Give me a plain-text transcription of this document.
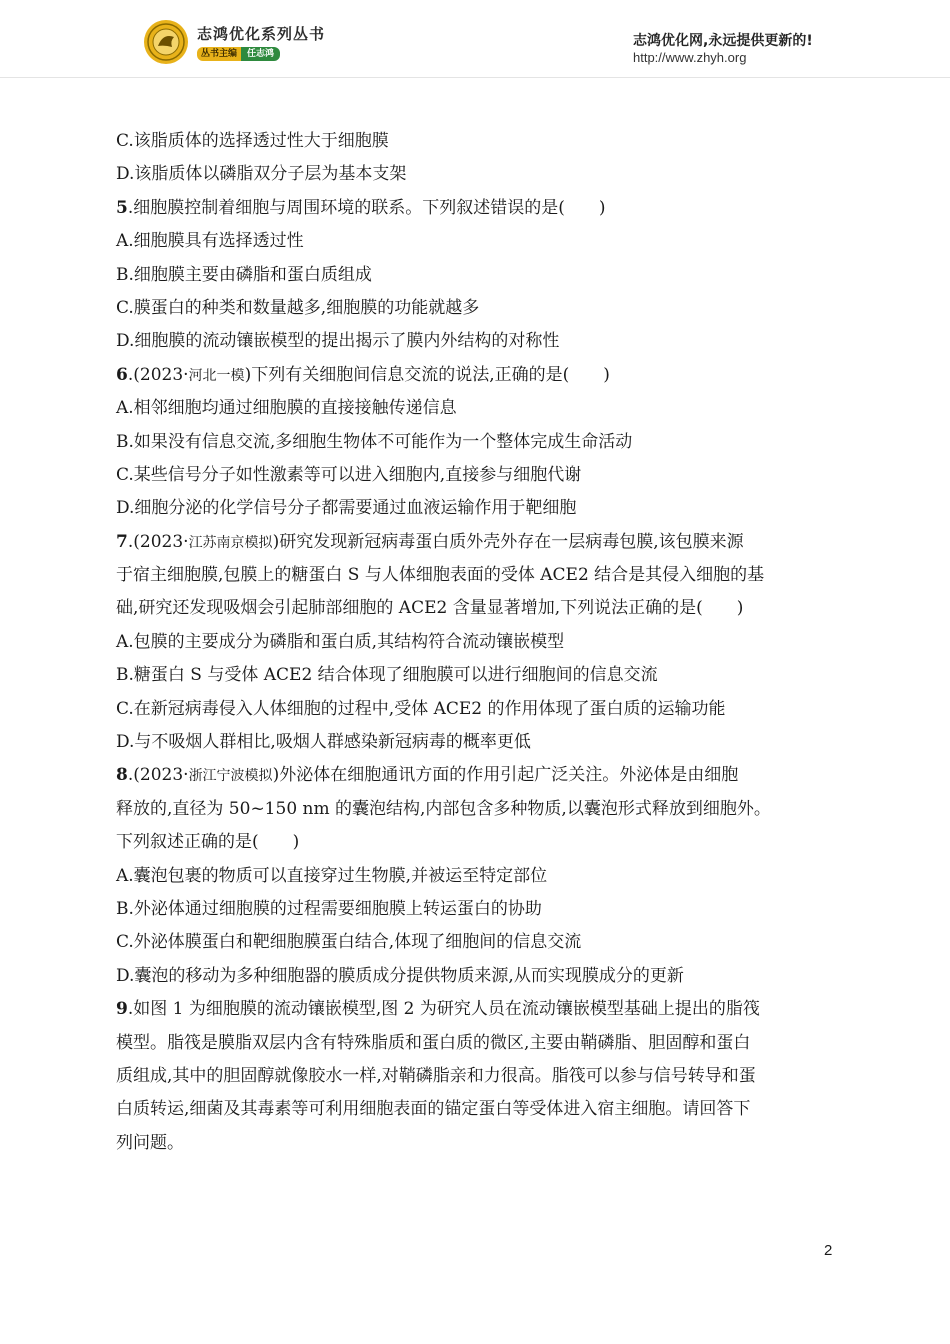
志鸿优化系列丛书
丛书主编 任志鸿
志鸿优化网,永远提供更新的!
http://www.zhyh.org
C.该脂质体的选择透过性大于细胞膜
D.该脂质体以磷脂双分子层为基本支架
5.细胞膜控制着细胞与周围环境的联系。下列叙述错误的是(　　)
A.细胞膜具有选择透过性
B.细胞膜主要由磷脂和蛋白质组成
C.膜蛋白的种类和数量越多,细胞膜的功能就越多
D.细胞膜的流动镶嵌模型的提出揭示了膜内外结构的对称性
6.(2023·河北一模)下列有关细胞间信息交流的说法,正确的是(　　)
A.相邻细胞均通过细胞膜的直接接触传递信息
B.如果没有信息交流,多细胞生物体不可能作为一个整体完成生命活动
C.某些信号分子如性激素等可以进入细胞内,直接参与细胞代谢
D.细胞分泌的化学信号分子都需要通过血液运输作用于靶细胞
7.(2023·江苏南京模拟)研究发现新冠病毒蛋白质外壳外存在一层病毒包膜,该包膜来源
于宿主细胞膜,包膜上的糖蛋白 S 与人体细胞表面的受体 ACE2 结合是其侵入细胞的基
础,研究还发现吸烟会引起肺部细胞的 ACE2 含量显著增加,下列说法正确的是(　　)
A.包膜的主要成分为磷脂和蛋白质,其结构符合流动镶嵌模型
B.糖蛋白 S 与受体 ACE2 结合体现了细胞膜可以进行细胞间的信息交流
C.在新冠病毒侵入人体细胞的过程中,受体 ACE2 的作用体现了蛋白质的运输功能
D.与不吸烟人群相比,吸烟人群感染新冠病毒的概率更低
8.(2023·浙江宁波模拟)外泌体在细胞通讯方面的作用引起广泛关注。外泌体是由细胞
释放的,直径为 50~150 nm 的囊泡结构,内部包含多种物质,以囊泡形式释放到细胞外。
下列叙述正确的是(　　)
A.囊泡包裹的物质可以直接穿过生物膜,并被运至特定部位
B.外泌体通过细胞膜的过程需要细胞膜上转运蛋白的协助
C.外泌体膜蛋白和靶细胞膜蛋白结合,体现了细胞间的信息交流
D.囊泡的移动为多种细胞器的膜质成分提供物质来源,从而实现膜成分的更新
9.如图 1 为细胞膜的流动镶嵌模型,图 2 为研究人员在流动镶嵌模型基础上提出的脂筏
模型。脂筏是膜脂双层内含有特殊脂质和蛋白质的微区,主要由鞘磷脂、胆固醇和蛋白
质组成,其中的胆固醇就像胶水一样,对鞘磷脂亲和力很高。脂筏可以参与信号转导和蛋
白质转运,细菌及其毒素等可利用细胞表面的锚定蛋白等受体进入宿主细胞。请回答下
列问题。
2
